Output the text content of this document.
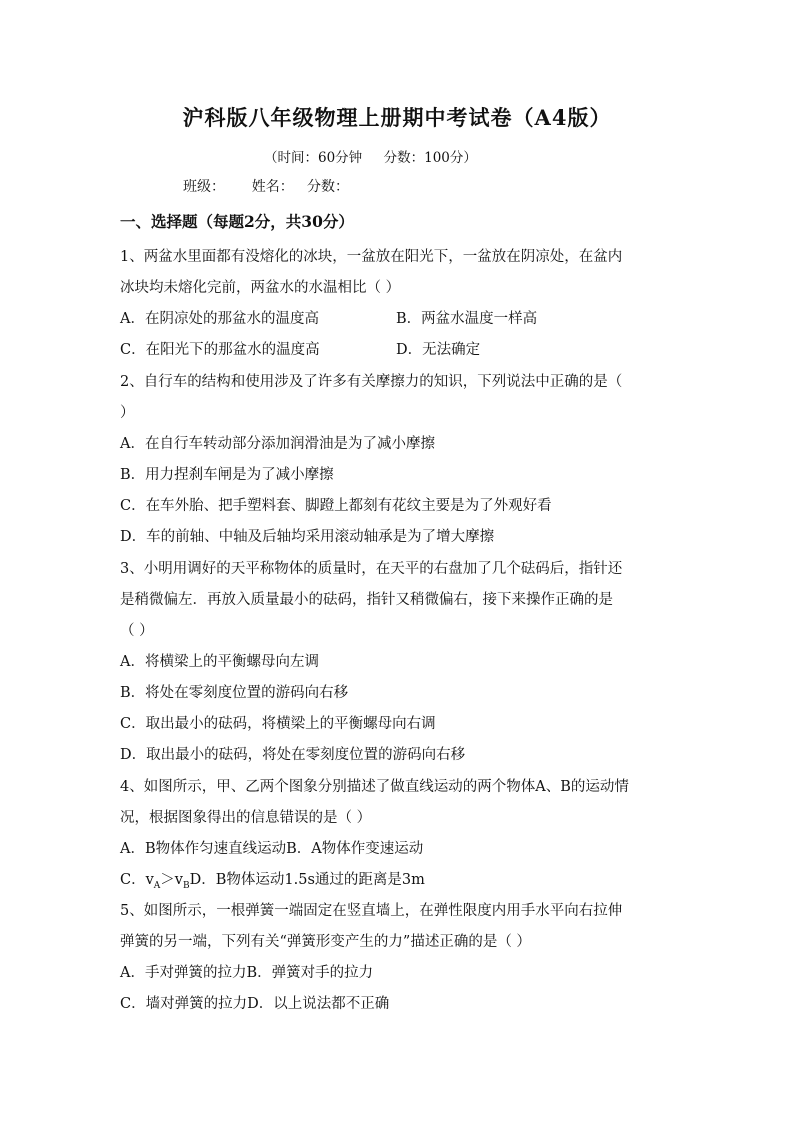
沪科版八年级物理上册期中考试卷（A4版）
（时间：60分钟     分数：100分）
班级：      姓名：   分数：
一、选择题（每题2分，共30分）
1、两盆水里面都有没熔化的冰块，一盆放在阳光下，一盆放在阴凉处，在盆内
冰块均未熔化完前，两盆水的水温相比（ ）
A．在阴凉处的那盆水的温度高	B．两盆水温度一样高
C．在阳光下的那盆水的温度高	D．无法确定
2、自行车的结构和使用涉及了许多有关摩擦力的知识，下列说法中正确的是（
）
A．在自行车转动部分添加润滑油是为了减小摩擦
B．用力捏刹车闸是为了减小摩擦
C．在车外胎、把手塑料套、脚蹬上都刻有花纹主要是为了外观好看
D．车的前轴、中轴及后轴均采用滚动轴承是为了增大摩擦
3、小明用调好的天平称物体的质量时，在天平的右盘加了几个砝码后，指针还
是稍微偏左．再放入质量最小的砝码，指针又稍微偏右，接下来操作正确的是
（ ）
A．将横梁上的平衡螺母向左调
B．将处在零刻度位置的游码向右移
C．取出最小的砝码，将横梁上的平衡螺母向右调
D．取出最小的砝码，将处在零刻度位置的游码向右移
4、如图所示，甲、乙两个图象分别描述了做直线运动的两个物体A、B的运动情
况，根据图象得出的信息错误的是（ ）
A．B物体作匀速直线运动B．A物体作变速运动
C．$v_A>v_BD$．B物体运动1.5s通过的距离是3m
5、如图所示，一根弹簧一端固定在竖直墙上，在弹性限度内用手水平向右拉伸
弹簧的另一端，下列有关“弹簧形变产生的力”描述正确的是（ ）
A．手对弹簧的拉力B．弹簧对手的拉力
C．墙对弹簧的拉力D．以上说法都不正确
